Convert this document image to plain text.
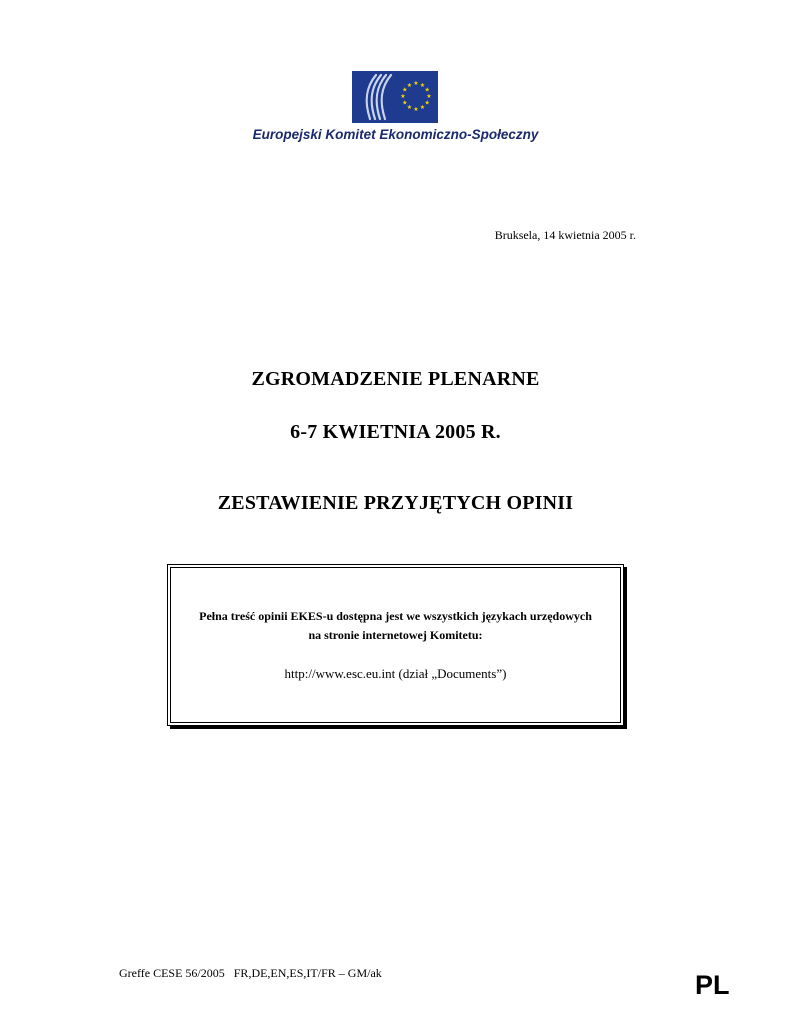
★ ★
★
★
★
★
★
★
★
★
★
★
Europejski Komitet Ekonomiczno-Społeczny
Bruksela, 14 kwietnia 2005 r.
ZGROMADZENIE PLENARNE
6-7 KWIETNIA 2005 R.
ZESTAWIENIE PRZYJĘTYCH OPINII
Pełna treść opinii EKES-u dostępna jest we wszystkich językach urzędowych
na stronie internetowej Komitetu:
http://www.esc.eu.int (dział „Documents”)
Greffe CESE 56/2005   FR,DE,EN,ES,IT/FR – GM/ak	PL
